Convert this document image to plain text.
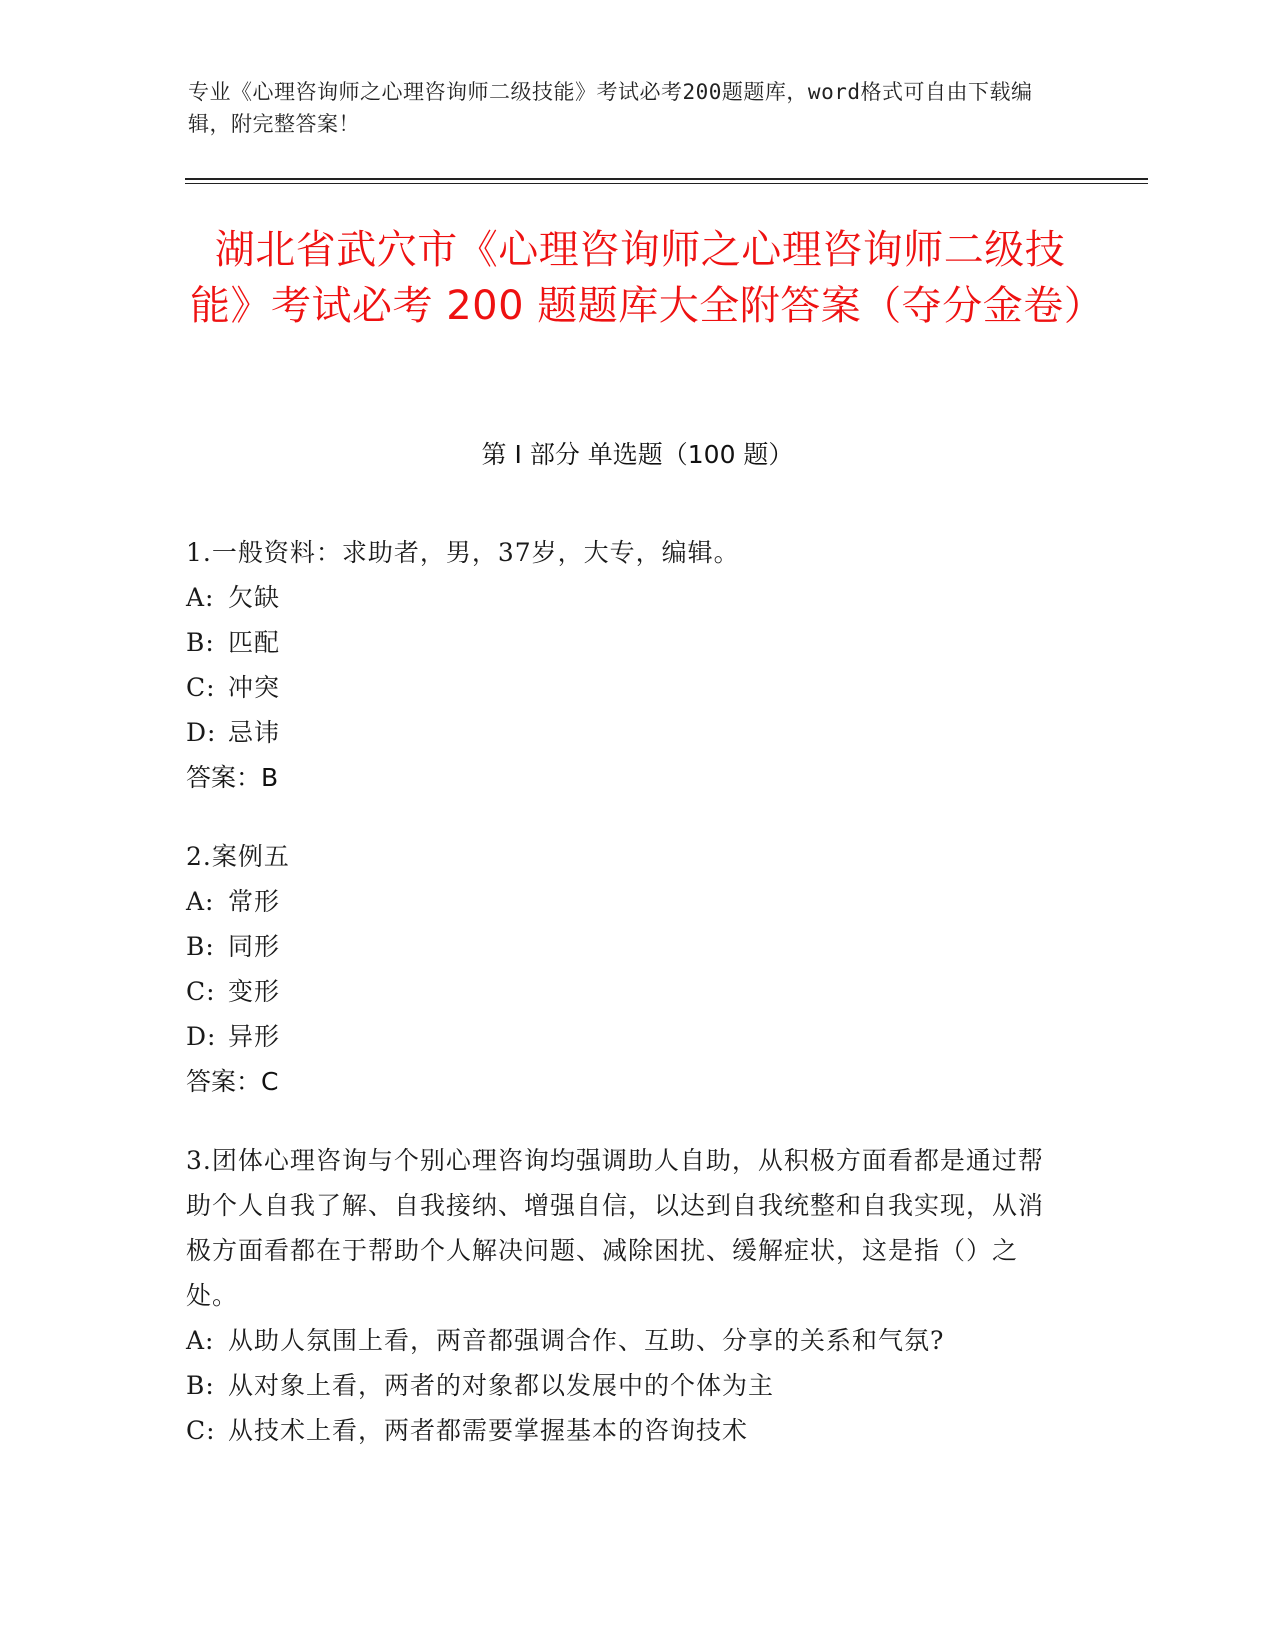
专业《心理咨询师之心理咨询师二级技能》考试必考200题题库，word格式可自由下载编辑，附完整答案！
湖北省武穴市《心理咨询师之心理咨询师二级技能》考试必考 200 题题库大全附答案（夺分金卷）
第 I 部分 单选题（100 题）
1.一般资料：求助者，男，37岁，大专，编辑。
A: 欠缺
B: 匹配
C: 冲突
D: 忌讳
答案：B
2.案例五
A: 常形
B: 同形
C: 变形
D: 异形
答案：C
3.团体心理咨询与个别心理咨询均强调助人自助，从积极方面看都是通过帮助个人自我了解、自我接纳、增强自信，以达到自我统整和自我实现，从消极方面看都在于帮助个人解决问题、减除困扰、缓解症状，这是指（）之处。
A: 从助人氛围上看，两音都强调合作、互助、分享的关系和气氛?
B: 从对象上看，两者的对象都以发展中的个体为主
C: 从技术上看，两者都需要掌握基本的咨询技术
